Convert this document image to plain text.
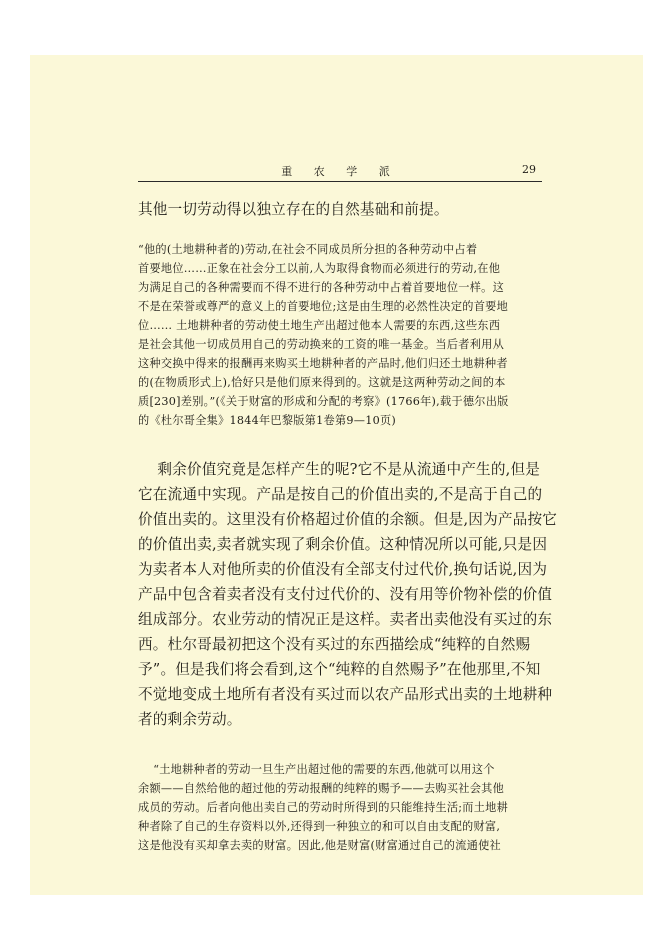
重 农 学 派	29

其他一切劳动得以独立存在的自然基础和前提。

“他的(土地耕种者的)劳动,在社会不同成员所分担的各种劳动中占着
首要地位……正象在社会分工以前,人为取得食物而必须进行的劳动,在他
为满足自己的各种需要而不得不进行的各种劳动中占着首要地位一样。这
不是在荣誉或尊严的意义上的首要地位;这是由生理的必然性决定的首要地
位…… 土地耕种者的劳动使土地生产出超过他本人需要的东西,这些东西
是社会其他一切成员用自己的劳动换来的工资的唯一基金。当后者利用从
这种交换中得来的报酬再来购买土地耕种者的产品时,他们归还土地耕种者
的(在物质形式上),恰好只是他们原来得到的。这就是这两种劳动之间的本
质[230]差别。”(《关于财富的形成和分配的考察》(1766年),载于德尔出版
的《杜尔哥全集》1844年巴黎版第1卷第9—10页)

剩余价值究竟是怎样产生的呢?它不是从流通中产生的,但是
它在流通中实现。产品是按自己的价值出卖的,不是高于自己的
价值出卖的。这里没有价格超过价值的余额。但是,因为产品按它
的价值出卖,卖者就实现了剩余价值。这种情况所以可能,只是因
为卖者本人对他所卖的价值没有全部支付过代价,换句话说,因为
产品中包含着卖者没有支付过代价的、没有用等价物补偿的价值
组成部分。农业劳动的情况正是这样。卖者出卖他没有买过的东
西。杜尔哥最初把这个没有买过的东西描绘成“纯粹的自然赐
予”。但是我们将会看到,这个“纯粹的自然赐予”在他那里,不知
不觉地变成土地所有者没有买过而以农产品形式出卖的土地耕种
者的剩余劳动。

“土地耕种者的劳动一旦生产出超过他的需要的东西,他就可以用这个
余额——自然给他的超过他的劳动报酬的纯粹的赐予——去购买社会其他
成员的劳动。后者向他出卖自己的劳动时所得到的只能维持生活;而土地耕
种者除了自己的生存资料以外,还得到一种独立的和可以自由支配的财富,
这是他没有买却拿去卖的财富。因此,他是财富(财富通过自己的流通使社
